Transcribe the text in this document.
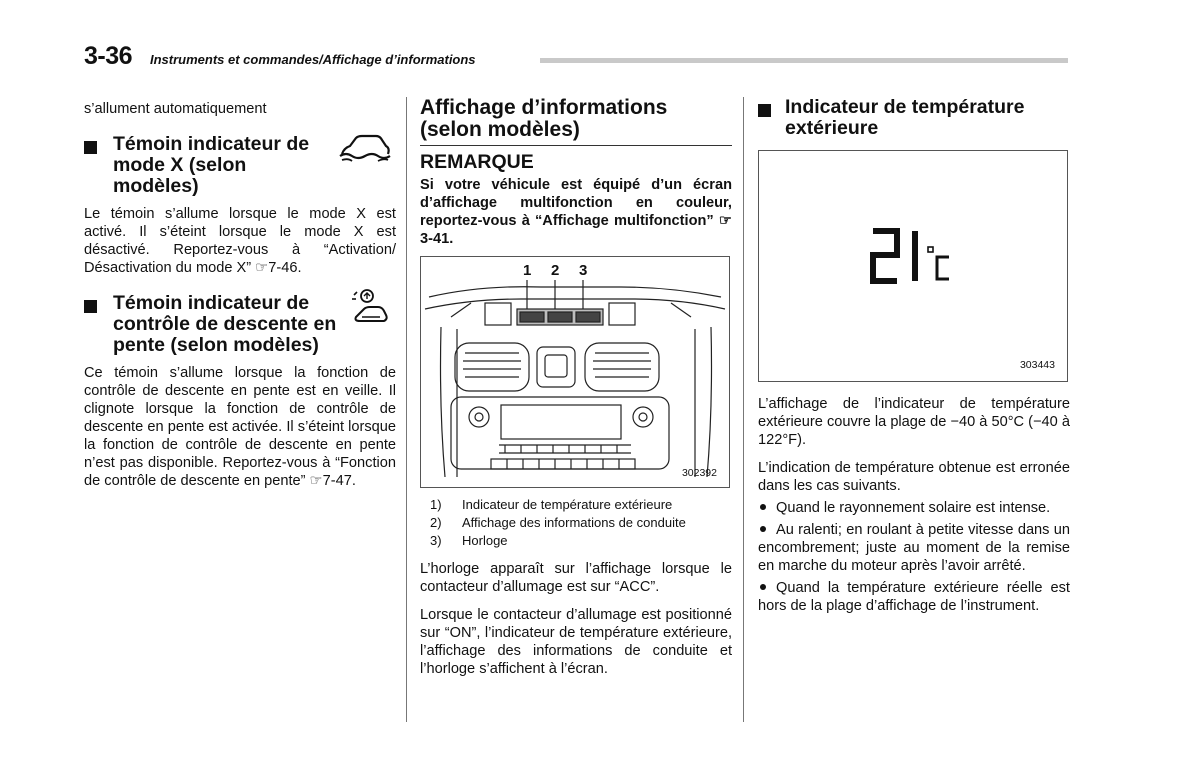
3-36 Instruments et commandes/Affichage d’informations

s’allument automatiquement

Témoin indicateur de mode X (selon modèles)

Le témoin s’allume lorsque le mode X est activé. Il s’éteint lorsque le mode X est désactivé. Reportez-vous à “Activation/ Désactivation du mode X” ☞7-46.

Témoin indicateur de contrôle de descente en pente (selon modèles)

Ce témoin s’allume lorsque la fonction de contrôle de descente en pente est en veille. Il clignote lorsque la fonction de contrôle de descente en pente est activée. Il s’éteint lorsque la fonction de contrôle de descente en pente n’est pas disponible. Reportez-vous à “Fonction de contrôle de descente en pente” ☞7-47.

Affichage d’informations (selon modèles)
REMARQUE

Si votre véhicule est équipé d’un écran d’affichage multifonction en couleur, reportez-vous à “Affichage multifonction” ☞3-41.

1 2 3
302392
1) Indicateur de température extérieure
2) Affichage des informations de conduite
3) Horloge

L’horloge apparaît sur l’affichage lorsque le contacteur d’allumage est sur “ACC”.

Lorsque le contacteur d’allumage est positionné sur “ON”, l’indicateur de température extérieure, l’affichage des informations de conduite et l’horloge s’affichent à l’écran.

Indicateur de température extérieure
303443

L’affichage de l’indicateur de température extérieure couvre la plage de −40 à 50°C (−40 à 122°F).

L’indication de température obtenue est erronée dans les cas suivants.

Quand le rayonnement solaire est intense.
Au ralenti; en roulant à petite vitesse dans un encombrement; juste au moment de la remise en marche du moteur après l’avoir arrêté.
Quand la température extérieure réelle est hors de la plage d’affichage de l’instrument.
